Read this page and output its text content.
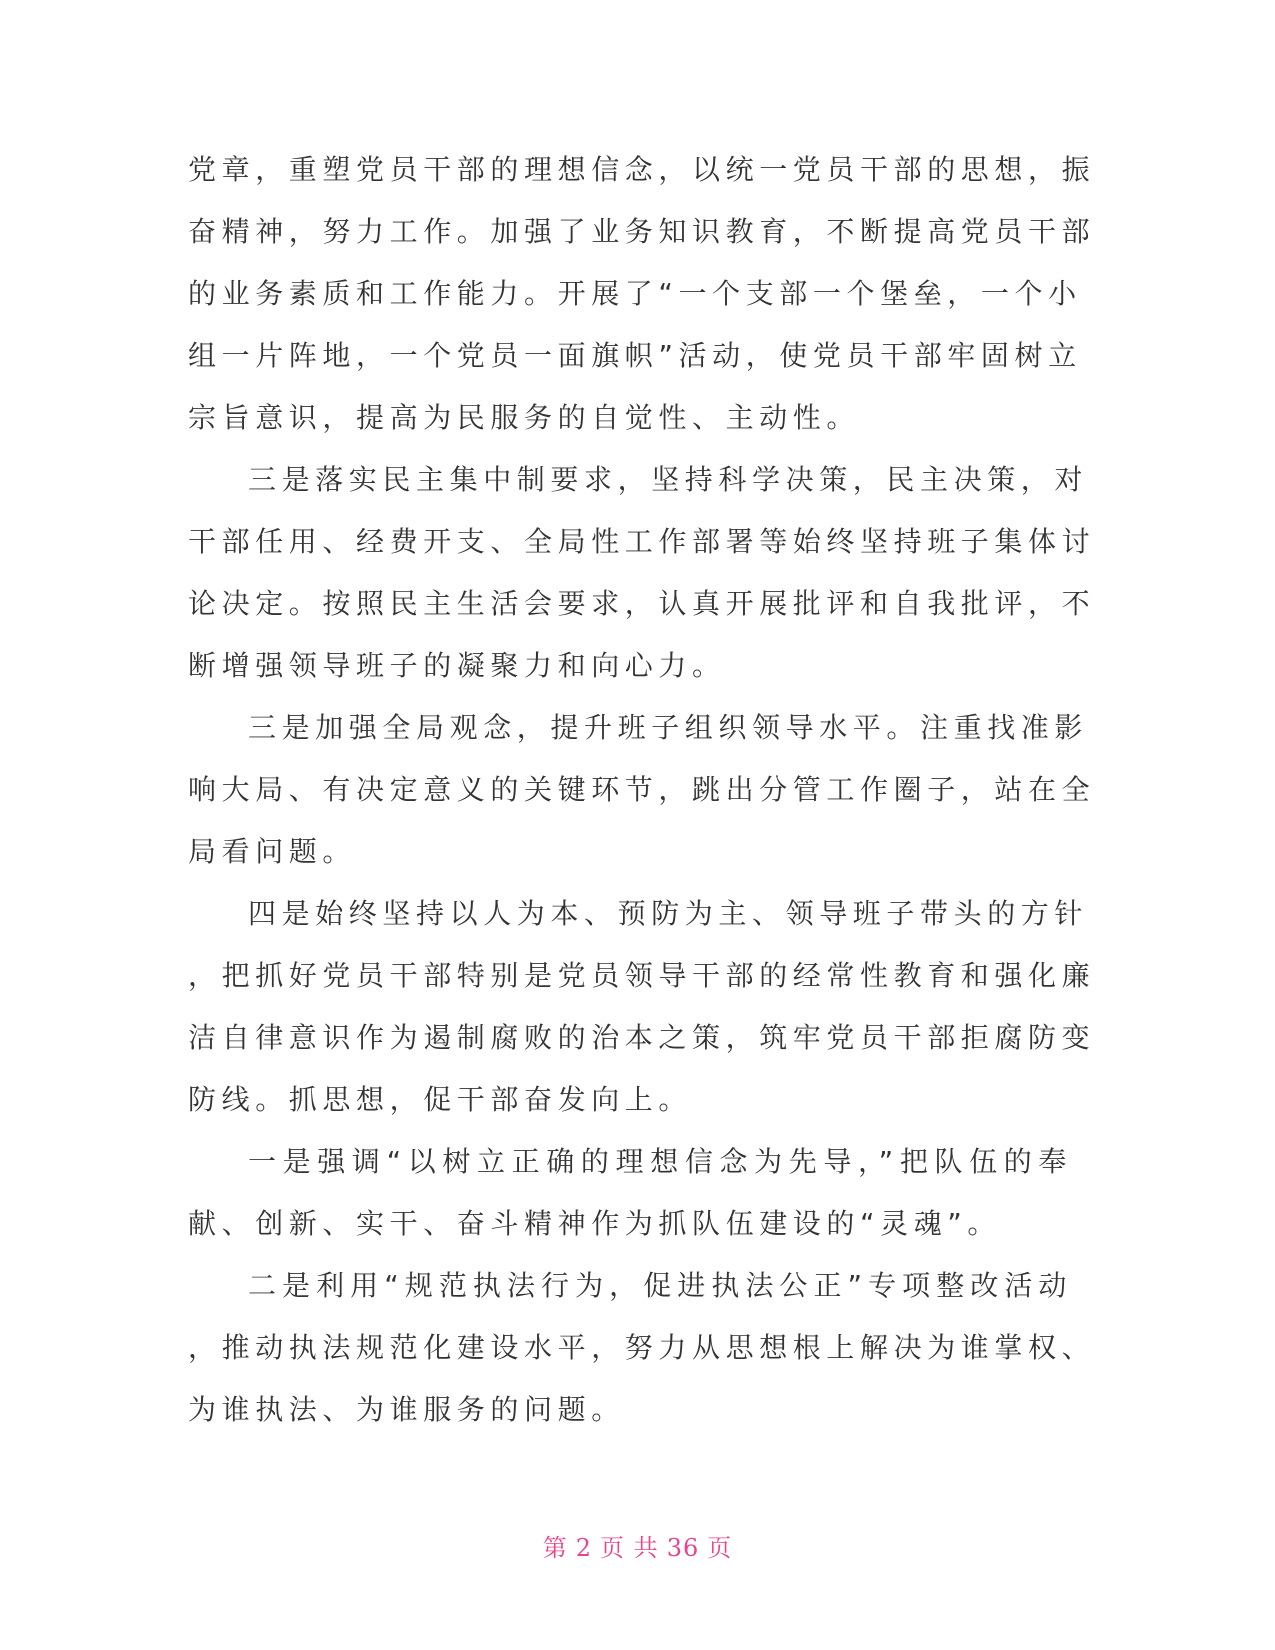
党章，重塑党员干部的理想信念，以统一党员干部的思想，振
奋精神，努力工作。加强了业务知识教育，不断提高党员干部
的业务素质和工作能力。开展了“一个支部一个堡垒，一个小
组一片阵地，一个党员一面旗帜”活动，使党员干部牢固树立
宗旨意识，提高为民服务的自觉性、主动性。
三是落实民主集中制要求，坚持科学决策，民主决策，对
干部任用、经费开支、全局性工作部署等始终坚持班子集体讨
论决定。按照民主生活会要求，认真开展批评和自我批评，不
断增强领导班子的凝聚力和向心力。
三是加强全局观念，提升班子组织领导水平。注重找准影
响大局、有决定意义的关键环节，跳出分管工作圈子，站在全
局看问题。
四是始终坚持以人为本、预防为主、领导班子带头的方针
，把抓好党员干部特别是党员领导干部的经常性教育和强化廉
洁自律意识作为遏制腐败的治本之策，筑牢党员干部拒腐防变
防线。抓思想，促干部奋发向上。
一是强调“以树立正确的理想信念为先导，”把队伍的奉
献、创新、实干、奋斗精神作为抓队伍建设的“灵魂”。
二是利用“规范执法行为，促进执法公正”专项整改活动
，推动执法规范化建设水平，努力从思想根上解决为谁掌权、
为谁执法、为谁服务的问题。
第 2 页 共 36 页
